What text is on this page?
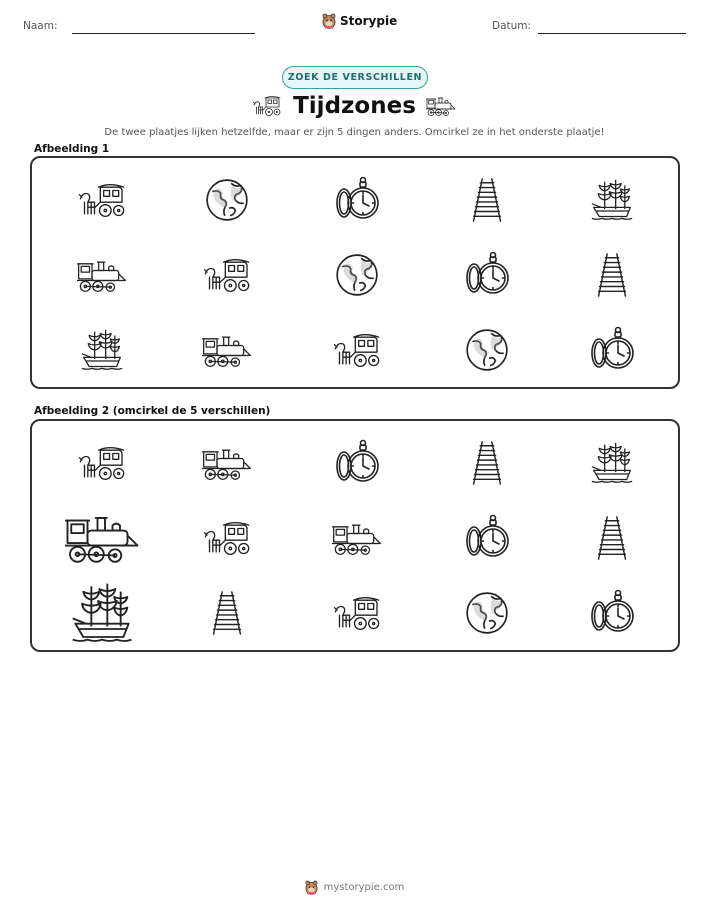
Naam:	Storypie	Datum:
ZOEK DE VERSCHILLEN
Tijdzones

De twee plaatjes lijken hetzelfde, maar er zijn 5 dingen anders. Omcirkel ze in het onderste plaatje!

Afbeelding 1
Afbeelding 2 (omcirkel de 5 verschillen)
mystorypie.com
